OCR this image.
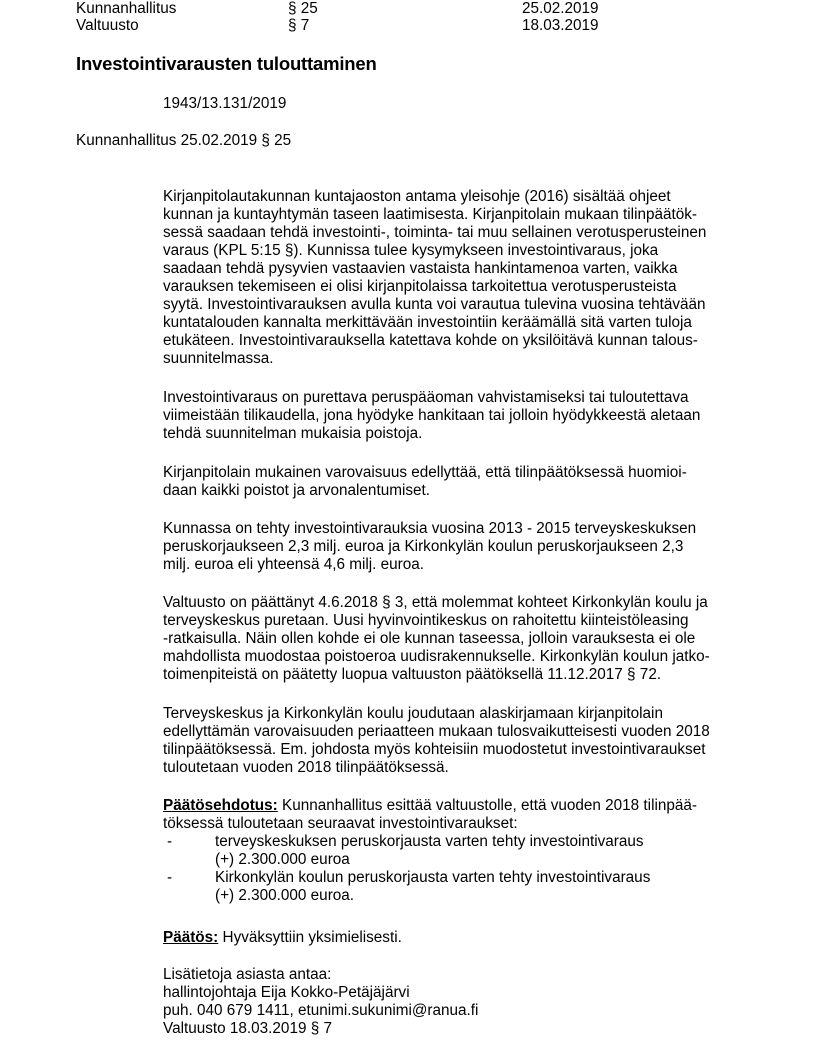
Kunnanhallitus	§ 25	25.02.2019
Valtuusto	§ 7	18.03.2019
Investointivarausten tulouttaminen
1943/13.131/2019
Kunnanhallitus 25.02.2019 § 25
Kirjanpitolautakunnan kuntajaoston antama yleisohje (2016) sisältää ohjeet
kunnan ja kuntayhtymän taseen laatimisesta. Kirjanpitolain mukaan tilinpäätök-
sessä saadaan tehdä investointi-, toiminta- tai muu sellainen verotusperusteinen
varaus (KPL 5:15 §). Kunnissa tulee kysymykseen investointivaraus, joka
saadaan tehdä pysyvien vastaavien vastaista hankintamenoa varten, vaikka
varauksen tekemiseen ei olisi kirjanpitolaissa tarkoitettua verotusperusteista
syytä. Investointivarauksen avulla kunta voi varautua tulevina vuosina tehtävään
kuntatalouden kannalta merkittävään investointiin keräämällä sitä varten tuloja
etukäteen. Investointivarauksella katettava kohde on yksilöitävä kunnan talous-
suunnitelmassa.
Investointivaraus on purettava peruspääoman vahvistamiseksi tai tuloutettava
viimeistään tilikaudella, jona hyödyke hankitaan tai jolloin hyödykkeestä aletaan
tehdä suunnitelman mukaisia poistoja.
Kirjanpitolain mukainen varovaisuus edellyttää, että tilinpäätöksessä huomioi-
daan kaikki poistot ja arvonalentumiset.
Kunnassa on tehty investointivarauksia vuosina 2013 - 2015 terveyskeskuksen
peruskorjaukseen 2,3 milj. euroa ja Kirkonkylän koulun peruskorjaukseen 2,3
milj. euroa eli yhteensä 4,6 milj. euroa.
Valtuusto on päättänyt 4.6.2018 § 3, että molemmat kohteet Kirkonkylän koulu ja
terveyskeskus puretaan. Uusi hyvinvointikeskus on rahoitettu kiinteistöleasing
-ratkaisulla. Näin ollen kohde ei ole kunnan taseessa, jolloin varauksesta ei ole
mahdollista muodostaa poistoeroa uudisrakennukselle. Kirkonkylän koulun jatko-
toimenpiteistä on päätetty luopua valtuuston päätöksellä 11.12.2017 § 72.
Terveyskeskus ja Kirkonkylän koulu joudutaan alaskirjamaan kirjanpitolain
edellyttämän varovaisuuden periaatteen mukaan tulosvaikutteisesti vuoden 2018
tilinpäätöksessä. Em. johdosta myös kohteisiin muodostetut investointivaraukset
tuloutetaan vuoden 2018 tilinpäätöksessä.
Päätösehdotus: Kunnanhallitus esittää valtuustolle, että vuoden 2018 tilinpää-
töksessä tuloutetaan seuraavat investointivaraukset:
-	terveyskeskuksen peruskorjausta varten tehty investointivaraus
(+) 2.300.000 euroa
-	Kirkonkylän koulun peruskorjausta varten tehty investointivaraus
(+) 2.300.000 euroa.
Päätös: Hyväksyttiin yksimielisesti.
Lisätietoja asiasta antaa:
hallintojohtaja Eija Kokko-Petäjäjärvi
puh. 040 679 1411, etunimi.sukunimi@ranua.fi
Valtuusto 18.03.2019 § 7
